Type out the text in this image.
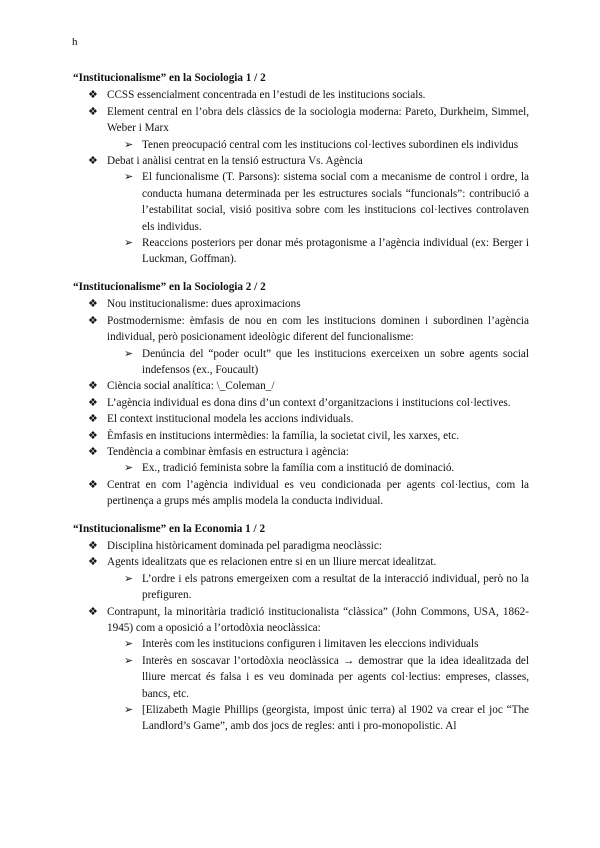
h
“Institucionalisme” en la Sociologia 1 / 2
❖ CCSS essencialment concentrada en l’estudi de les institucions socials.
❖ Element central en l’obra dels clàssics de la sociologia moderna: Pareto, Durkheim, Simmel, Weber i Marx
➢ Tenen preocupació central com les institucions col·lectives subordinen els individus
❖ Debat i anàlisi centrat en la tensió estructura Vs. Agència
➢ El funcionalisme (T. Parsons): sistema social com a mecanisme de control i ordre, la conducta humana determinada per les estructures socials “funcionals”: contribució a l’estabilitat social, visió positiva sobre com les institucions col·lectives controlaven els individus.
➢ Reaccions posteriors per donar més protagonisme a l’agència individual (ex: Berger i Luckman, Goffman).
“Institucionalisme” en la Sociologia 2 / 2
❖ Nou institucionalisme: dues aproximacions
❖ Postmodernisme: èmfasis de nou en com les institucions dominen i subordinen l’agència individual, però posicionament ideològic diferent del funcionalisme:
➢ Denúncia del “poder ocult” que les institucions exerceixen un sobre agents social indefensos (ex., Foucault)
❖ Ciència social analítica: \_Coleman_/
❖ L’agència individual es dona dins d’un context d’organitzacions i institucions col·lectives.
❖ El context institucional modela les accions individuals.
❖ Èmfasis en institucions intermèdies: la família, la societat civil, les xarxes, etc.
❖ Tendència a combinar èmfasis en estructura i agència:
➢ Ex., tradició feminista sobre la família com a institució de dominació.
❖ Centrat en com l’agència individual es veu condicionada per agents col·lectius, com la pertinença a grups més amplis modela la conducta individual.
“Institucionalisme” en la Economia 1 / 2
❖ Disciplina històricament dominada pel paradigma neoclàssic:
❖ Agents idealitzats que es relacionen entre si en un lliure mercat idealitzat.
➢ L’ordre i els patrons emergeixen com a resultat de la interacció individual, però no la prefiguren.
❖ Contrapunt, la minoritària tradició institucionalista “clàssica” (John Commons, USA, 1862-1945) com a oposició a l’ortodòxia neoclàssica:
➢ Interès com les institucions configuren i limitaven les eleccions individuals
➢ Interès en soscavar l’ortodòxia neoclàssica → demostrar que la idea idealitzada del lliure mercat és falsa i es veu dominada per agents col·lectius: empreses, classes, bancs, etc.
➢ [Elizabeth Magie Phillips (georgista, impost únic terra) al 1902 va crear el joc “The Landlord’s Game”, amb dos jocs de regles: anti i pro-monopolistic. Al
